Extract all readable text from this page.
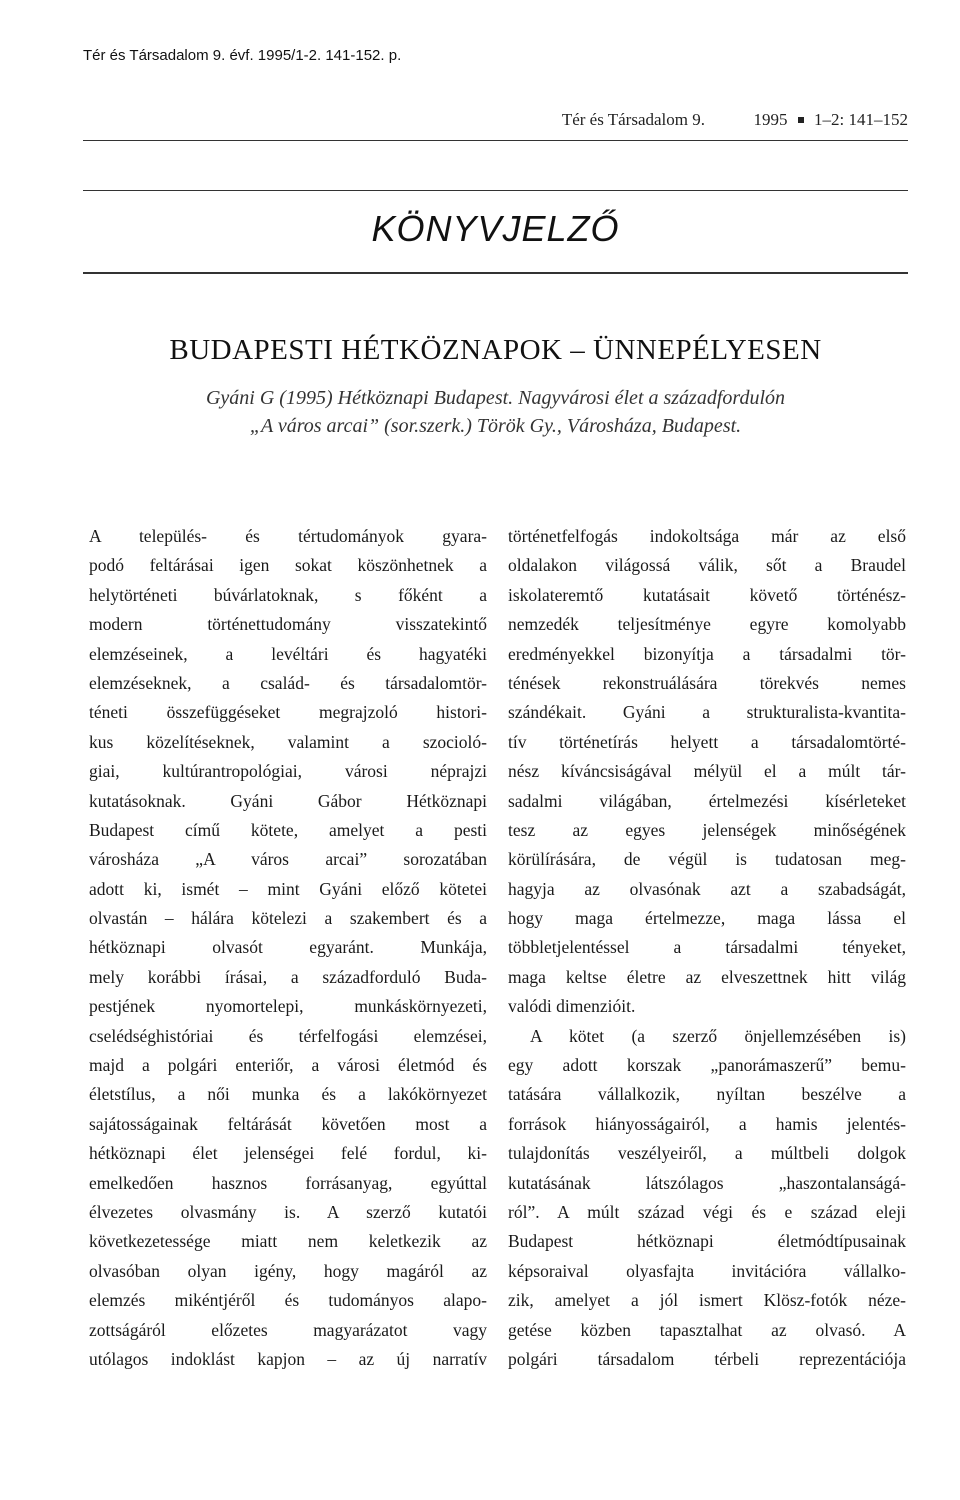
Tér és Társadalom 9. évf. 1995/1-2. 141-152. p.
Tér és Társadalom 9.	1995 1–2: 141–152
KÖNYVJELZŐ
BUDAPESTI HÉTKÖZNAPOK – ÜNNEPÉLYESEN
Gyáni G (1995) Hétköznapi Budapest. Nagyvárosi élet a századfordulón
„A város arcai” (sor.szerk.) Török Gy., Városháza, Budapest.
A település- és tértudományok gyara-
podó feltárásai igen sokat köszönhetnek a
helytörténeti búvárlatoknak, s főként a
modern történettudomány visszatekintő
elemzéseinek, a levéltári és hagyatéki
elemzéseknek, a család- és társadalomtör-
téneti összefüggéseket megrajzoló histori-
kus közelítéseknek, valamint a szocioló-
giai, kultúrantropológiai, városi néprajzi
kutatásoknak. Gyáni Gábor Hétköznapi
Budapest című kötete, amelyet a pesti
városháza „A város arcai” sorozatában
adott ki, ismét – mint Gyáni előző kötetei
olvastán – hálára kötelezi a szakembert és a
hétköznapi olvasót egyaránt. Munkája,
mely korábbi írásai, a századforduló Buda-
pestjének nyomortelepi, munkáskörnyezeti,
cselédséghistóriai és térfelfogási elemzései,
majd a polgári enteriőr, a városi életmód és
életstílus, a női munka és a lakókörnyezet
sajátosságainak feltárását követően most a
hétköznapi élet jelenségei felé fordul, ki-
emelkedően hasznos forrásanyag, egyúttal
élvezetes olvasmány is. A szerző kutatói
következetessége miatt nem keletkezik az
olvasóban olyan igény, hogy magáról az
elemzés mikéntjéről és tudományos alapo-
zottságáról előzetes magyarázatot vagy
utólagos indoklást kapjon – az új narratív
történetfelfogás indokoltsága már az első
oldalakon világossá válik, sőt a Braudel
iskolateremtő kutatásait követő történész-
nemzedék teljesítménye egyre komolyabb
eredményekkel bizonyítja a társadalmi tör-
ténések rekonstruálására törekvés nemes
szándékait. Gyáni a strukturalista-kvantita-
tív történetírás helyett a társadalomtörté-
nész kíváncsiságával mélyül el a múlt tár-
sadalmi világában, értelmezési kísérleteket
tesz az egyes jelenségek minőségének
körülírására, de végül is tudatosan meg-
hagyja az olvasónak azt a szabadságát,
hogy maga értelmezze, maga lássa el
többletjelentéssel a társadalmi tényeket,
maga keltse életre az elveszettnek hitt világ
valódi dimenzióit.
A kötet (a szerző önjellemzésében is)
egy adott korszak „panorámaszerű” bemu-
tatására vállalkozik, nyíltan beszélve a
források hiányosságairól, a hamis jelentés-
tulajdonítás veszélyeiről, a múltbeli dolgok
kutatásának látszólagos „haszontalanságá-
ról”. A múlt század végi és e század eleji
Budapest hétköznapi életmódtípusainak
képsoraival olyasfajta invitációra vállalko-
zik, amelyet a jól ismert Klösz-fotók néze-
getése közben tapasztalhat az olvasó. A
polgári társadalom térbeli reprezentációja
